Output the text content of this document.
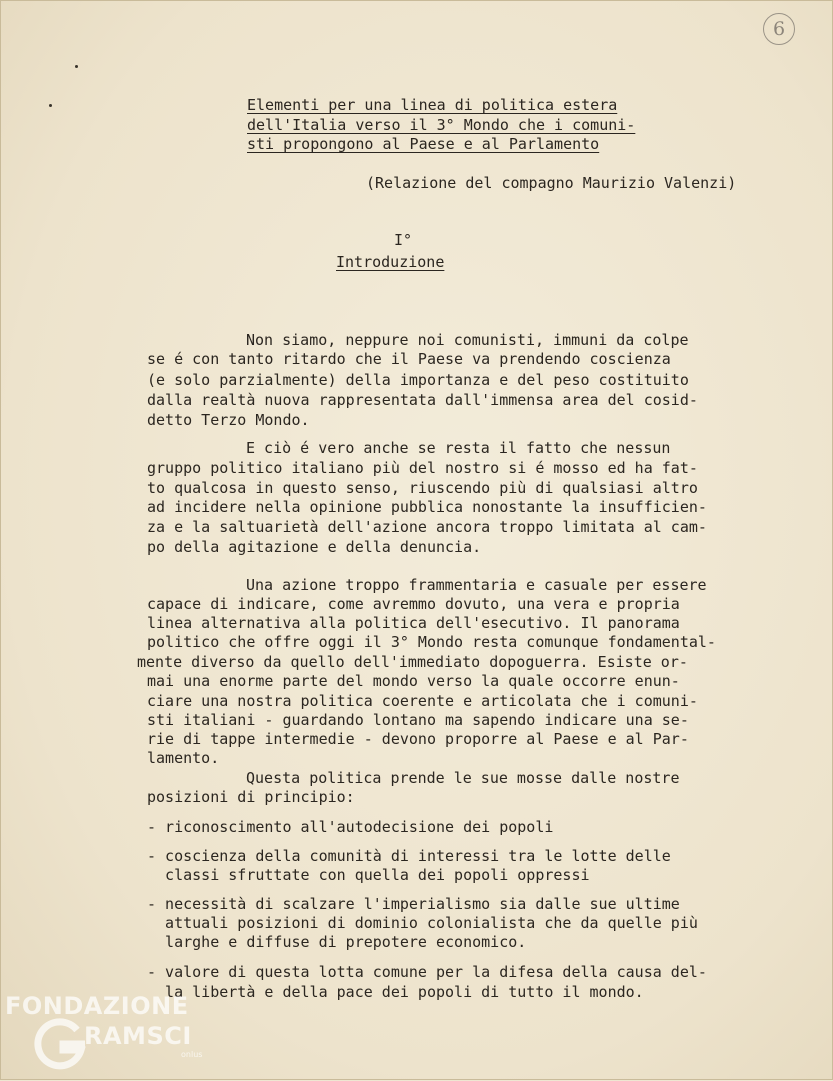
6
Elementi per una linea di politica estera
dell'Italia verso il 3° Mondo che i comuni-
sti propongono al Paese e al Parlamento
(Relazione del compagno Maurizio Valenzi)
I°
Introduzione
Non siamo, neppure noi comunisti, immuni da colpe
se é con tanto ritardo che il Paese va prendendo coscienza
(e solo parzialmente) della importanza e del peso costituito
dalla realtà nuova rappresentata dall'immensa area del cosid-
detto Terzo Mondo.
E ciò é vero anche se resta il fatto che nessun
gruppo politico italiano più del nostro si é mosso ed ha fat-
to qualcosa in questo senso, riuscendo più di qualsiasi altro
ad incidere nella opinione pubblica nonostante la insufficien-
za e la saltuarietà dell'azione ancora troppo limitata al cam-
po della agitazione e della denuncia.
Una azione troppo frammentaria e casuale per essere
capace di indicare, come avremmo dovuto, una vera e propria
linea alternativa alla politica dell'esecutivo. Il panorama
politico che offre oggi il 3° Mondo resta comunque fondamental-
mente diverso da quello dell'immediato dopoguerra. Esiste or-
mai una enorme parte del mondo verso la quale occorre enun-
ciare una nostra politica coerente e articolata che i comuni-
sti italiani - guardando lontano ma sapendo indicare una se-
rie di tappe intermedie - devono proporre al Paese e al Par-
lamento.
Questa politica prende le sue mosse dalle nostre
posizioni di principio:
- riconoscimento all'autodecisione dei popoli
- coscienza della comunità di interessi tra le lotte delle
classi sfruttate con quella dei popoli oppressi
- necessità di scalzare l'imperialismo sia dalle sue ultime
attuali posizioni di dominio colonialista che da quelle più
larghe e diffuse di prepotere economico.
- valore di questa lotta comune per la difesa della causa del-
la libertà e della pace dei popoli di tutto il mondo.
FONDAZIONE
RAMSCI
onlus
